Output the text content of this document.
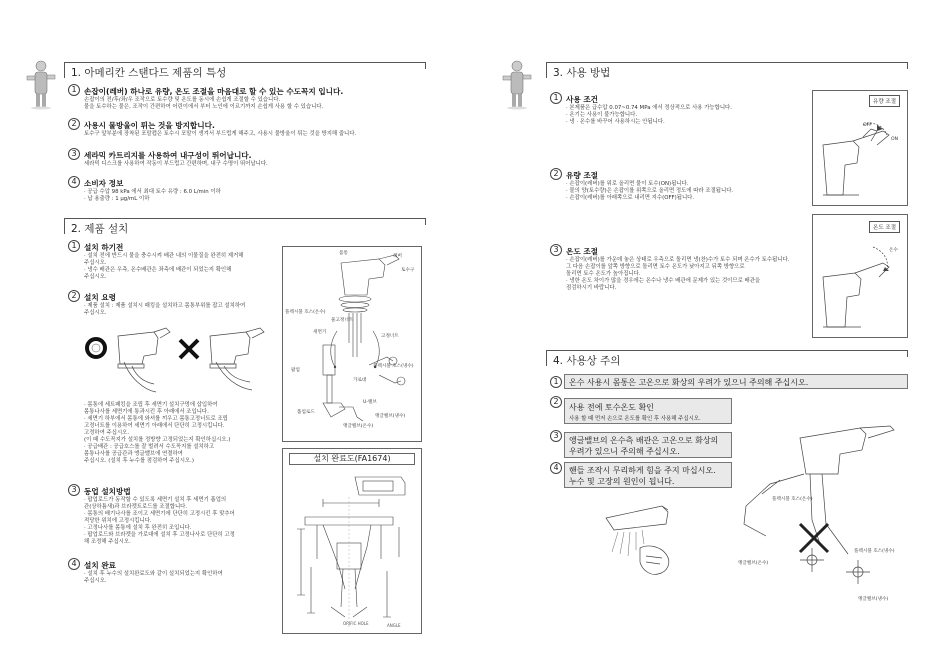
1. 아메리칸 스탠다드 제품의 특성
1 손잡이(레버) 하나로 유량, 온도 조절을 마음대로 할 수 있는 수도꼭지 입니다.
손잡이의 전/후/좌/우 조작으로 토수량 및 온도를 동시에 손쉽게 조절할 수 있습니다.
물을 토수하는 물은, 조작이 간편하여 어린이에서 부터 노인에 이르기까지 손쉽게 사용 할 수 있습니다.
2 사용시 물방울이 튀는 것을 방지합니다.
토수구 앞부분에 장착된 포말캡은 토수시 포말이 생겨서 부드럽게 해주고, 사용시 물방울이 튀는 것을 방지해 줍니다.
3 세라믹 카트리지를 사용하여 내구성이 뛰어납니다.
세라믹 디스크를 사용하여 작동이 부드럽고 간편하며, 내구 수명이 뛰어납니다.
4 소비자 정보
· 공급 수압 98 kPa 에서 최대 토수 유량 : 6.0 L/min 이하
· 납 용출량 : 1 μg/mL 이하
2. 제품 설치
1 설치 하기전
· 설치 전에 반드시 물을 충수시켜 배관 내의 이물질을 완전히 제거해
주십시오.
· 냉수 배관은 우측, 온수배관은 좌측에 배관이 되었는지 확인해
주십시오.
2 설치 요령
· 제품 설치 : 제품 설치시 패킹을 설치하고 몸통부위를 잡고 설치하여
주십시오.
· 몸통에 세트패킹을 조립 후 세면기 설치구멍에 삽입하여
몸통나사를 세면기에 통과시킨 후 아래에서 조입니다.
· 세면기 하부에서 몸통에 와셔를 끼우고 몸통고정너트로 조립
고정너트를 이용하여 세면기 아래에서 단단히 고정시킵니다.
고정하여 주십시오.
(이 때 수도꼭지가 설치를 정방향 고정되었는지 확인하십시오.)
· 공급배관 : 공급호스를 잘 벌려서 수도꼭지를 설치하고
몸통나사를 공급관과 앵글밸브에 연결하여
주십시오. (설치 후 누수를 점검하여 주십시오.)
3 동업 설치방법
· 팝업로드가 동작할 수 있도록 세면기 설치 후 세면기 폽업의
관(상하틈새)과 브라켓트로드를 조절합니다.
· 몸통의 배기나사를 조이고 세면기에 단단히 고정시킨 후 맞추어
적당한 위치에 고정시킵니다.
· 고정나사를 몸통에 설치 후 완전히 조입니다.
· 팝업로드와 브라켓을 가로대에 설치 후 고정나사로 단단히 고정
해 조정해 주십시오.
4 설치 완료
· 설치 후 누수의 설치완료도와 같이 설치되었는지 확인하여
주십시오.
몸통
토수구
레버
물고정너트
고정너트
플렉시블 호스(온수)
플렉시블 호스(냉수)
앵글밸브(온수)
앵글밸브(냉수)
팝업
세면기
가로대
폽업로드
U-밸브
설치 완료도(FA1674)
ORIFIC HOLE	ANGLE
3. 사용 방법
1 사용 조건
· 본제품은 급수압 0.07~0.74 MPa 에서 정상적으로 사용 가능합니다.
· 온기는 사용이 불가능합니다.
· 냉 · 온수를 바꾸어 사용하시는 안됩니다.
2 유량 조절
· 손잡이(레버)를 위로 올리면 물이 토수(ON)됩니다.
· 물의 양(토수량)은 손잡이를 위쪽으로 올리면 정도에 따라 조절됩니다.
· 손잡이(레버)를 아래쪽으로 내리면 지수(OFF)됩니다.
3 온도 조절
· 손잡이(레버)를 가운데 놓은 상태로 우측으로 돌리면 냉(찬)수가 토수 되며 온수가 토수됩니다.
그 다음 손잡이를 앞쪽 방향으로 돌리면 토수 온도가 낮아지고 뒤쪽 방향으로
돌리면 토수 온도가 높아집니다.
· 냉한 온도 차이가 많을 경우에는 온수나 냉수 배관에 문제가 있는 것이므로 배관을
점검하시기 바랍니다.
유량 조절
OFF
ON
온도 조절
온수
4. 사용상 주의
1	온수 사용시 몸통은 고온으로 화상의 우려가 있으니 주의해 주십시오.
2
사용 전에 토수온도 확인
사용 할 때 먼저 손으로 온도를 확인 후 사용해 주십시오.
3
앵글밸브의 온수측 배관은 고온으로 화상의
우려가 있으니 주의해 주십시오.
4	핸들 조작시 무리하게 힘을 주지 마십시오.
누수 및 고장의 원인이 됩니다.
플렉시블 호스(온수)
플렉시블 호스(냉수)
앵글밸브(온수)
앵글밸브(냉수)
